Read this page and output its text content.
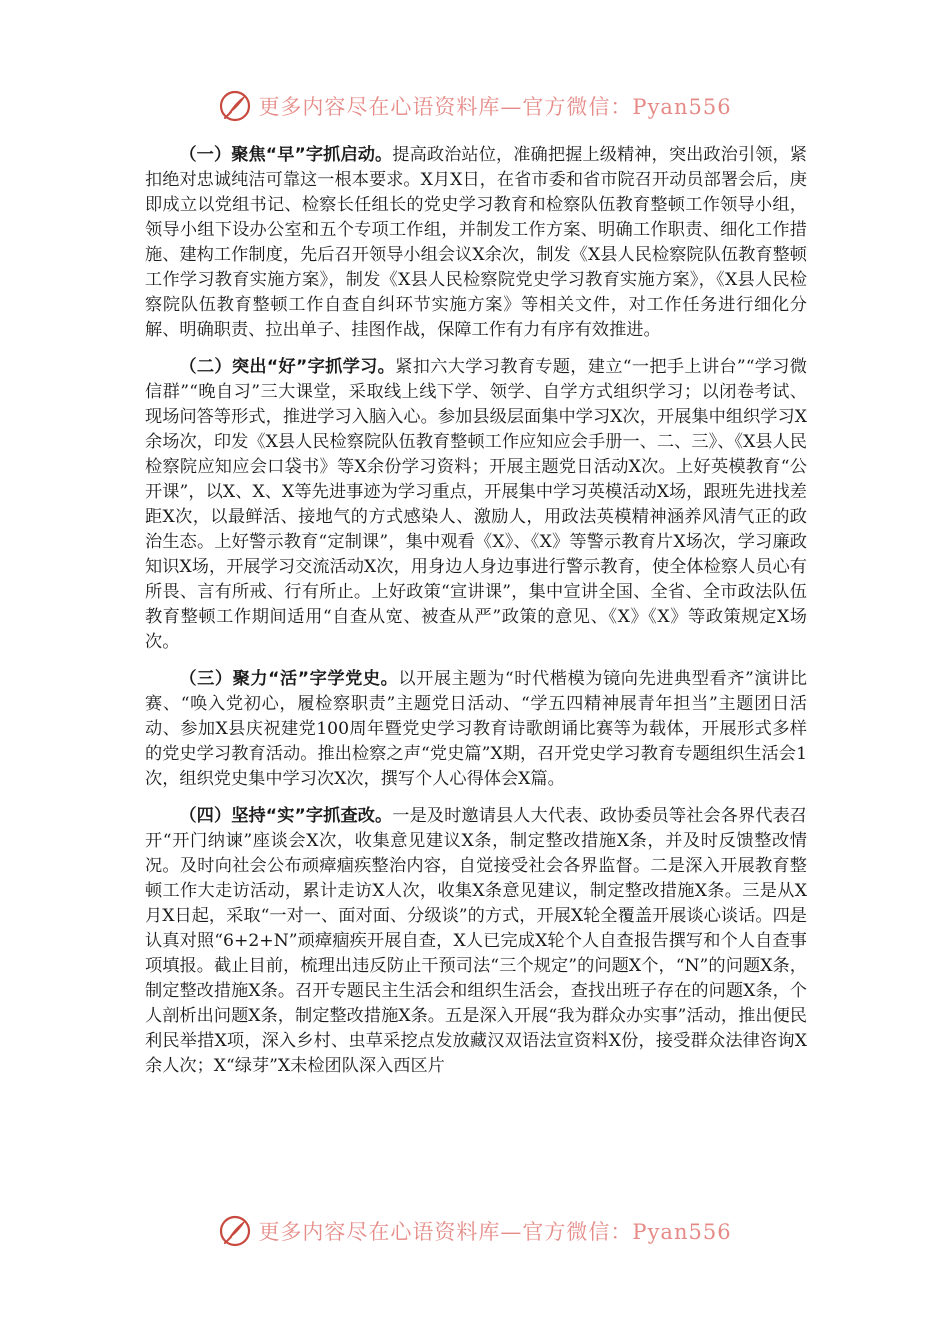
更多内容尽在心语资料库—官方微信：Pyan556

（一）聚焦“早”字抓启动。提高政治站位，准确把握上级精神，突出政治引领，紧扣绝对忠诚纯洁可靠这一根本要求。X月X日，在省市委和省市院召开动员部署会后，庚即成立以党组书记、检察长任组长的党史学习教育和检察队伍教育整顿工作领导小组，领导小组下设办公室和五个专项工作组，并制发工作方案、明确工作职责、细化工作措施、建构工作制度，先后召开领导小组会议X余次，制发《X县人民检察院队伍教育整顿工作学习教育实施方案》，制发《X县人民检察院党史学习教育实施方案》，《X县人民检察院队伍教育整顿工作自查自纠环节实施方案》等相关文件，对工作任务进行细化分解、明确职责、拉出单子、挂图作战，保障工作有力有序有效推进。

（二）突出“好”字抓学习。紧扣六大学习教育专题，建立“一把手上讲台”“学习微信群”“晚自习”三大课堂，采取线上线下学、领学、自学方式组织学习；以闭卷考试、现场问答等形式，推进学习入脑入心。参加县级层面集中学习X次，开展集中组织学习X余场次，印发《X县人民检察院队伍教育整顿工作应知应会手册一、二、三》、《X县人民检察院应知应会口袋书》等X余份学习资料；开展主题党日活动X次。上好英模教育“公开课”，以X、X、X等先进事迹为学习重点，开展集中学习英模活动X场，跟班先进找差距X次，以最鲜活、接地气的方式感染人、激励人，用政法英模精神涵养风清气正的政治生态。上好警示教育“定制课”，集中观看《X》、《X》等警示教育片X场次，学习廉政知识X场，开展学习交流活动X次，用身边人身边事进行警示教育，使全体检察人员心有所畏、言有所戒、行有所止。上好政策“宣讲课”，集中宣讲全国、全省、全市政法队伍教育整顿工作期间适用“自查从宽、被查从严”政策的意见、《X》《X》等政策规定X场次。

（三）聚力“活”字学党史。以开展主题为“时代楷模为镜向先进典型看齐”演讲比赛、“唤入党初心，履检察职责”主题党日活动、“学五四精神展青年担当”主题团日活动、参加X县庆祝建党100周年暨党史学习教育诗歌朗诵比赛等为载体，开展形式多样的党史学习教育活动。推出检察之声“党史篇”X期，召开党史学习教育专题组织生活会1次，组织党史集中学习次X次，撰写个人心得体会X篇。

（四）坚持“实”字抓查改。一是及时邀请县人大代表、政协委员等社会各界代表召开“开门纳谏”座谈会X次，收集意见建议X条，制定整改措施X条，并及时反馈整改情况。及时向社会公布顽瘴痼疾整治内容，自觉接受社会各界监督。二是深入开展教育整顿工作大走访活动，累计走访X人次，收集X条意见建议，制定整改措施X条。三是从X月X日起，采取“一对一、面对面、分级谈”的方式，开展X轮全覆盖开展谈心谈话。四是认真对照“6+2+N”顽瘴痼疾开展自查，X人已完成X轮个人自查报告撰写和个人自查事项填报。截止目前，梳理出违反防止干预司法“三个规定”的问题X个，“N”的问题X条，制定整改措施X条。召开专题民主生活会和组织生活会，查找出班子存在的问题X条，个人剖析出问题X条，制定整改措施X条。五是深入开展“我为群众办实事”活动，推出便民利民举措X项，深入乡村、虫草采挖点发放藏汉双语法宣资料X份，接受群众法律咨询X余人次；X“绿芽”X未检团队深入西区片

更多内容尽在心语资料库—官方微信：Pyan556
